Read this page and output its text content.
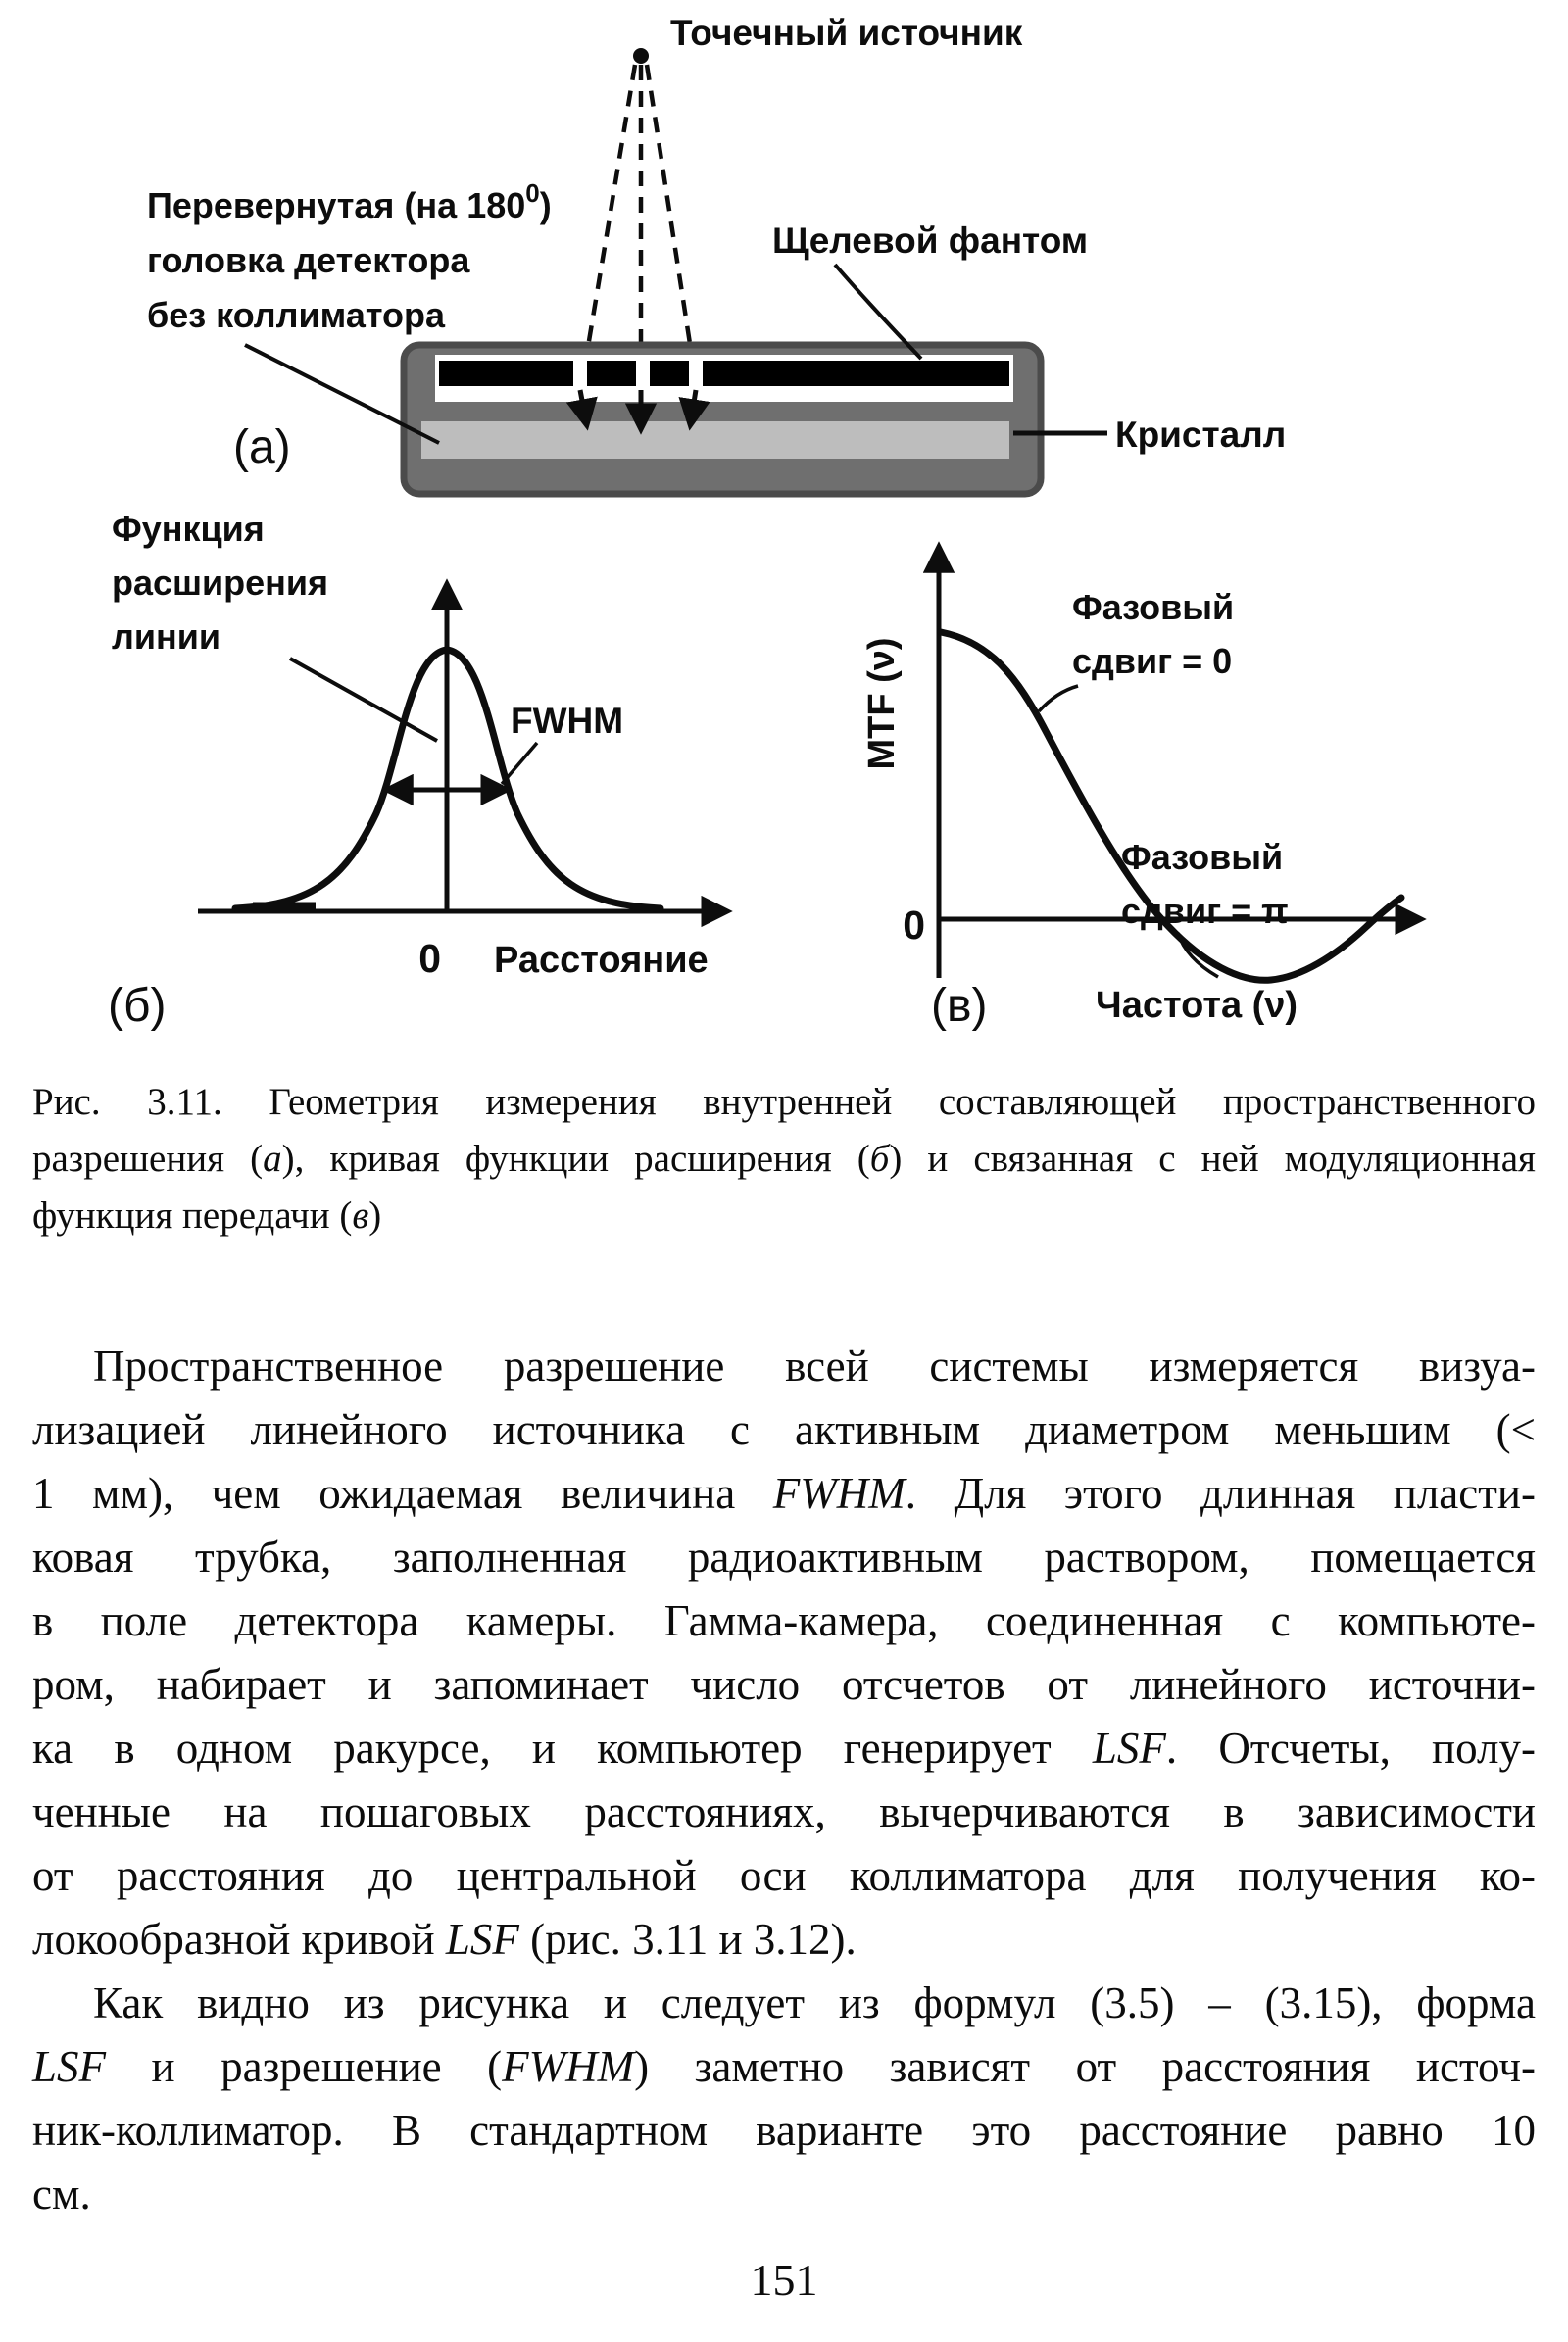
Точечный источник
Перевернутая (на $180^0$)
головка детектора
без коллиматора
Щелевой фантом
Кристалл
(а)
Функция
расширения
линии
FWHM
0 Расстояние
(б)
MTF (ν)
0
Фазовый
сдвиг = 0
Фазовый
сдвиг = π
Частота (ν)
(в)
Рис. 3.11. Геометрия измерения внутренней составляющей пространственного
разрешения (а), кривая функции расширения (б) и связанная с ней модуляционная
функция передачи (в)
Пространственное разрешение всей системы измеряется визуа-
лизацией линейного источника с активным диаметром меньшим (<
1 мм), чем ожидаемая величина FWHM. Для этого длинная пласти-
ковая трубка, заполненная радиоактивным раствором, помещается
в поле детектора камеры. Гамма-камера, соединенная с компьюте-
ром, набирает и запоминает число отсчетов от линейного источни-
ка в одном ракурсе, и компьютер генерирует LSF. Отсчеты, полу-
ченные на пошаговых расстояниях, вычерчиваются в зависимости
от расстояния до центральной оси коллиматора для получения ко-
локообразной кривой LSF (рис. 3.11 и 3.12).
Как видно из рисунка и следует из формул (3.5) – (3.15), форма
LSF и разрешение (FWHM) заметно зависят от расстояния источ-
ник-коллиматор. В стандартном варианте это расстояние равно 10
см.
151
